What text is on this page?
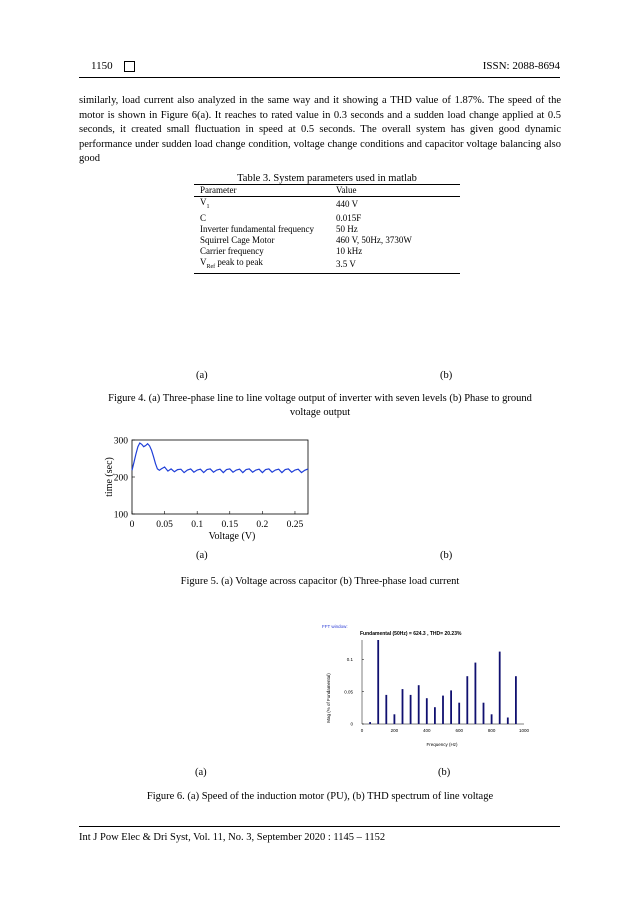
1150	ISSN: 2088-8694
similarly, load current also analyzed in the same way and it showing a THD value of 1.87%. The speed of the motor is shown in Figure 6(a). It reaches to rated value in 0.3 seconds and a sudden load change applied at 0.5 seconds, it created small fluctuation in speed at 0.5 seconds. The overall system has given good dynamic performance under sudden load change condition, voltage change conditions and capacitor voltage balancing also good
Table 3. System parameters used in matlab
Parameter	Value
$V_1$	440 V
C	0.015F
Inverter fundamental frequency	50 Hz
Squirrel Cage Motor	460 V, 50Hz, 3730W
Carrier frequency	10 kHz
$V_{Ref}$ peak to peak	3.5 V
(a)	(b)
Figure 4. (a) Three-phase line to line voltage output of inverter with seven levels (b) Phase to ground voltage output
100
200
300
0 0.05 0.1 0.15 0.2 0.25
Voltage (V)
time (sec)
(a)	(b)
Figure 5. (a) Voltage across capacitor (b) Three-phase load current
FFT window:
Fundamental (50Hz) = 624.3 , THD= 20.23%
0
0.05
0.1
0	200	400	600	800	1000
Frequency (Hz)
Mag (% of Fundamental)
(a)	(b)
Figure 6. (a) Speed of the induction motor (PU), (b) THD spectrum of line voltage
Int J Pow Elec & Dri Syst, Vol. 11, No. 3, September 2020 : 1145 – 1152
